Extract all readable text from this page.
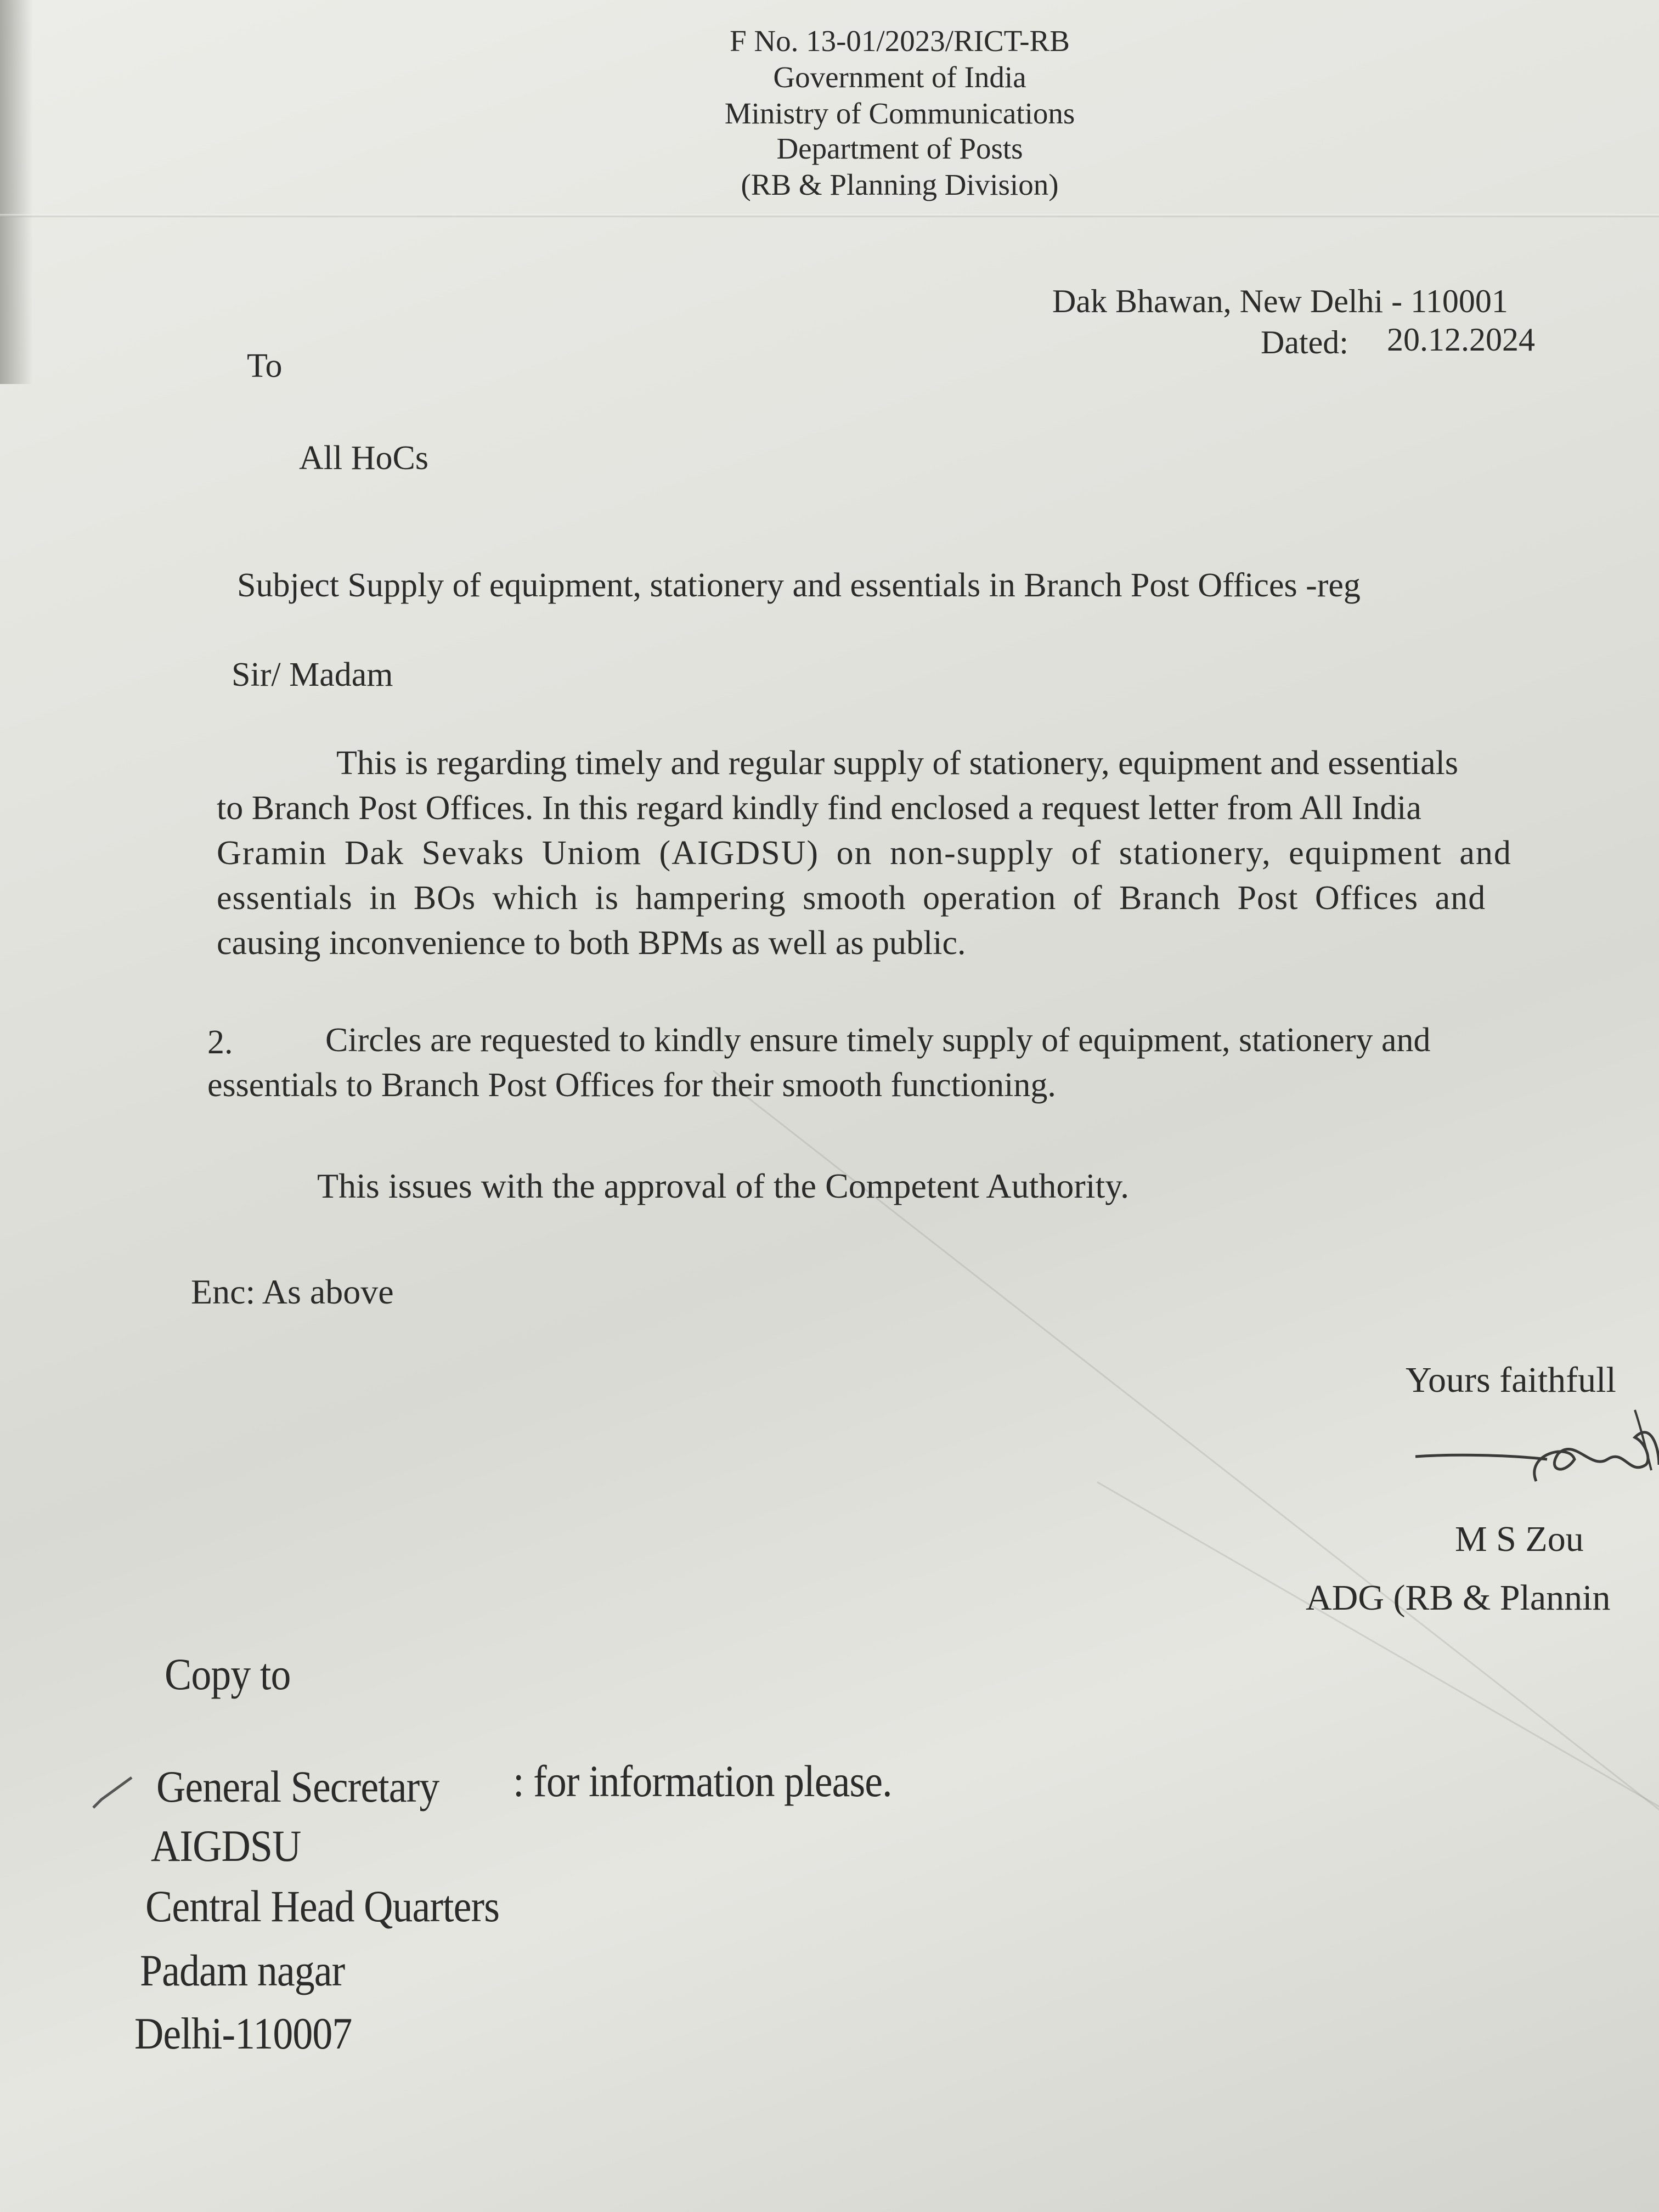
F No. 13-01/2023/RICT-RB
Government of India
Ministry of Communications
Department of Posts
(RB & Planning Division)
Dak Bhawan, New Delhi - 110001
Dated: 20.12.2024
To
All HoCs
Subject Supply of equipment, stationery and essentials in Branch Post Offices -reg
Sir/ Madam
This is regarding timely and regular supply of stationery, equipment and essentials
to Branch Post Offices. In this regard kindly find enclosed a request letter from All India
Gramin Dak Sevaks Uniom (AIGDSU) on non-supply of stationery, equipment and
essentials in BOs which is hampering smooth operation of Branch Post Offices and
causing inconvenience to both BPMs as well as public.
2.	Circles are requested to kindly ensure timely supply of equipment, stationery and
essentials to Branch Post Offices for their smooth functioning.
This issues with the approval of the Competent Authority.
Enc: As above
Yours faithfull
M S Zou
ADG (RB & Plannin
Copy to
General Secretary : for information please.
AIGDSU
Central Head Quarters
Padam nagar
Delhi-110007
